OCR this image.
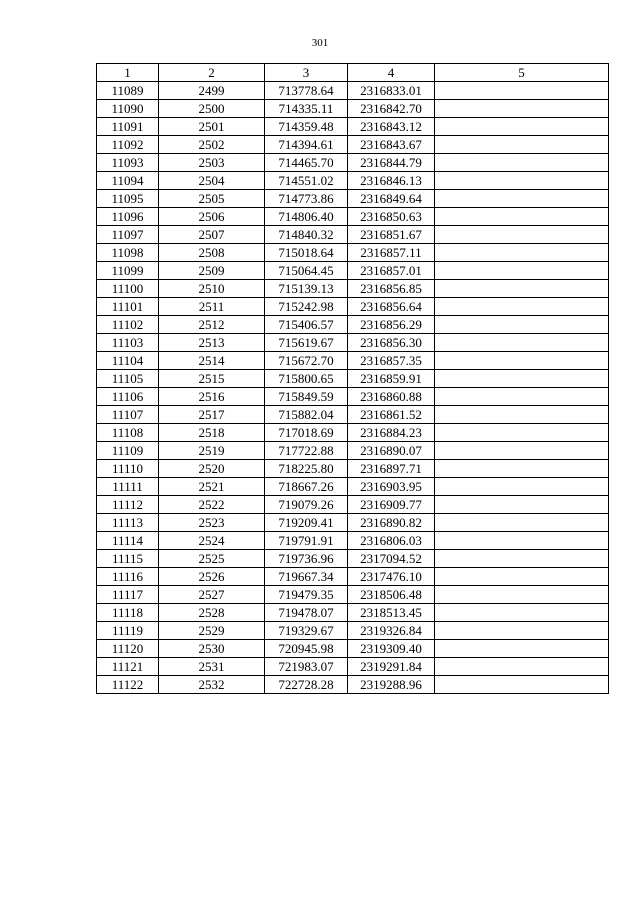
301
1	2	3	4	5
11089	2499	713778.64	2316833.01	
11090	2500	714335.11	2316842.70	
11091	2501	714359.48	2316843.12	
11092	2502	714394.61	2316843.67	
11093	2503	714465.70	2316844.79	
11094	2504	714551.02	2316846.13	
11095	2505	714773.86	2316849.64	
11096	2506	714806.40	2316850.63	
11097	2507	714840.32	2316851.67	
11098	2508	715018.64	2316857.11	
11099	2509	715064.45	2316857.01	
11100	2510	715139.13	2316856.85	
11101	2511	715242.98	2316856.64	
11102	2512	715406.57	2316856.29	
11103	2513	715619.67	2316856.30	
11104	2514	715672.70	2316857.35	
11105	2515	715800.65	2316859.91	
11106	2516	715849.59	2316860.88	
11107	2517	715882.04	2316861.52	
11108	2518	717018.69	2316884.23	
11109	2519	717722.88	2316890.07	
11110	2520	718225.80	2316897.71	
11111	2521	718667.26	2316903.95	
11112	2522	719079.26	2316909.77	
11113	2523	719209.41	2316890.82	
11114	2524	719791.91	2316806.03	
11115	2525	719736.96	2317094.52	
11116	2526	719667.34	2317476.10	
11117	2527	719479.35	2318506.48	
11118	2528	719478.07	2318513.45	
11119	2529	719329.67	2319326.84	
11120	2530	720945.98	2319309.40	
11121	2531	721983.07	2319291.84	
11122	2532	722728.28	2319288.96	
